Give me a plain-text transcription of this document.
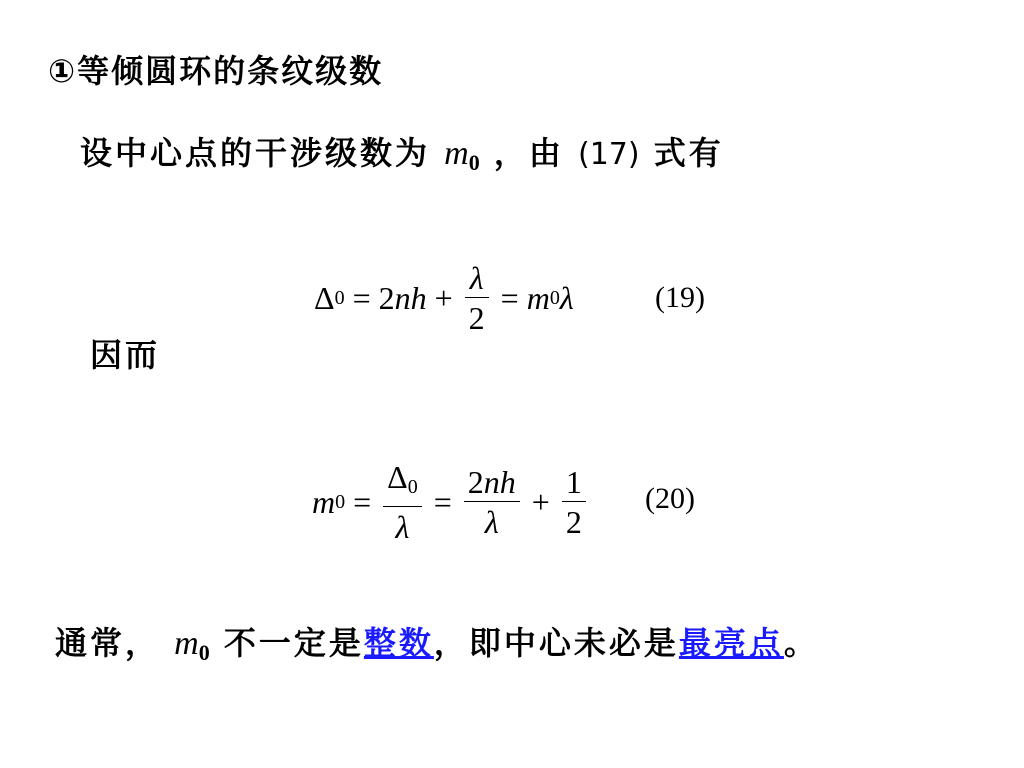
①等倾圆环的条纹级数
设中心点的干涉级数为 $m_0$ ，由 (17) 式有
Δ 0 = 2 nh + $\frac{\lambda}{2} = m$ 0 λ	(19)
因而
m $0 = \frac{\Delta 0}{\lambda} = \frac{2nh}{\lambda} + \frac{1}{2} (20)$
通常， $m_0$ 不一定是整数，即中心未必是最亮点。
